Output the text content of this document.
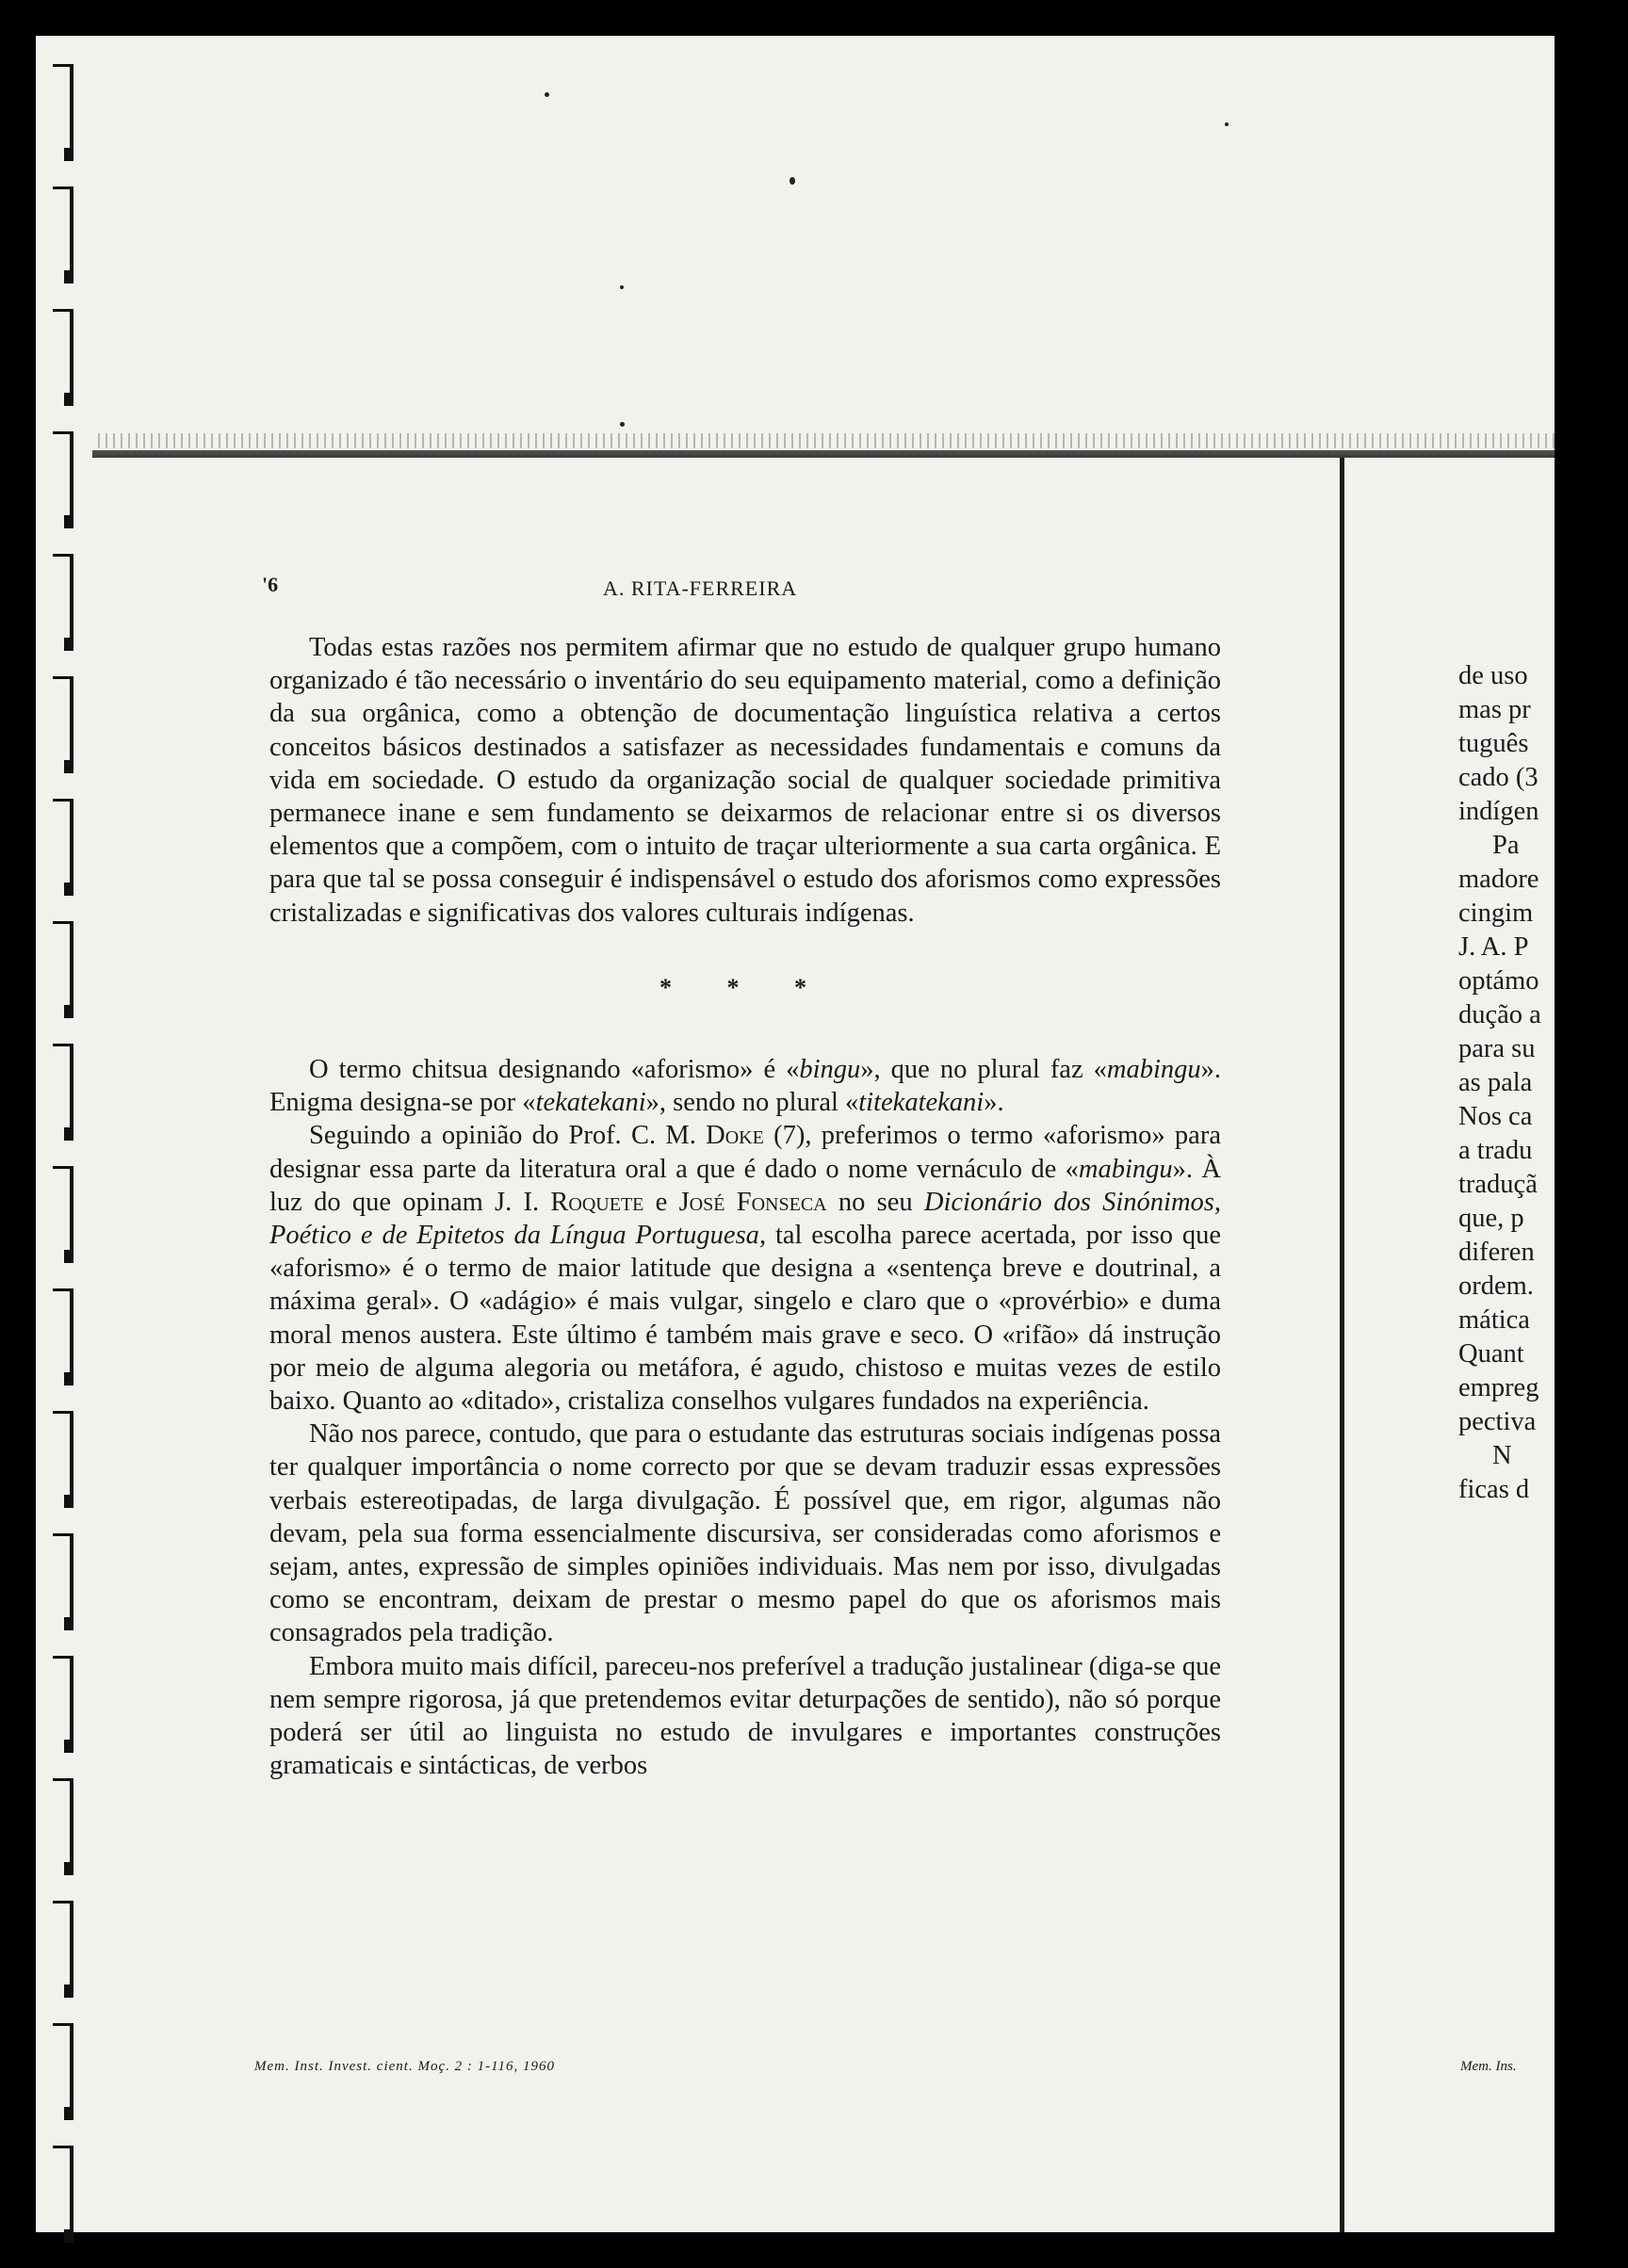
'6	A. RITA-FERREIRA

Todas estas razões nos permitem afirmar que no estudo de qualquer grupo humano organizado é tão necessário o inventário do seu equipamento material, como a definição da sua orgânica, como a obtenção de documentação linguística relativa a certos conceitos básicos destinados a satisfazer as necessidades fundamentais e comuns da vida em sociedade. O estudo da organização social de qualquer sociedade primitiva permanece inane e sem fundamento se deixarmos de relacionar entre si os diversos elementos que a compõem, com o intuito de traçar ulteriormente a sua carta orgânica. E para que tal se possa conseguir é indispensável o estudo dos aforismos como expressões cristalizadas e significativas dos valores culturais indígenas.

* * *

O termo chitsua designando «aforismo» é «bingu», que no plural faz «mabingu». Enigma designa-se por «tekatekani», sendo no plural «titekatekani».

Seguindo a opinião do Prof. C. M. Doke (7), preferimos o termo «aforismo» para designar essa parte da literatura oral a que é dado o nome vernáculo de «mabingu». À luz do que opinam J. I. Roquete e José Fonseca no seu Dicionário dos Sinónimos, Poético e de Epitetos da Língua Portuguesa, tal escolha parece acertada, por isso que «aforismo» é o termo de maior latitude que designa a «sentença breve e doutrinal, a máxima geral». O «adágio» é mais vulgar, singelo e claro que o «provérbio» e duma moral menos austera. Este último é também mais grave e seco. O «rifão» dá instrução por meio de alguma alegoria ou metáfora, é agudo, chistoso e muitas vezes de estilo baixo. Quanto ao «ditado», cristaliza conselhos vulgares fundados na experiência.

Não nos parece, contudo, que para o estudante das estruturas sociais indígenas possa ter qualquer importância o nome correcto por que se devam traduzir essas expressões verbais estereotipadas, de larga divulgação. É possível que, em rigor, algumas não devam, pela sua forma essencialmente discursiva, ser consideradas como aforismos e sejam, antes, expressão de simples opiniões individuais. Mas nem por isso, divulgadas como se encontram, deixam de prestar o mesmo papel do que os aforismos mais consagrados pela tradição.

Embora muito mais difícil, pareceu-nos preferível a tradução justalinear (diga-se que nem sempre rigorosa, já que pretendemos evitar deturpações de sentido), não só porque poderá ser útil ao linguista no estudo de invulgares e importantes construções gramaticais e sintácticas, de verbos

Mem. Inst. Invest. cient. Moç. 2 : 1-116, 1960
de uso
mas pr
tuguês
cado (3
indígen
Pa
madore
cingim
J. A. P
optámo
dução a
para su
as pala
Nos ca
a tradu
traduçã
que, p
diferen
ordem.
mática
Quant
empreg
pectiva
N
ficas d
Mem. Ins.
